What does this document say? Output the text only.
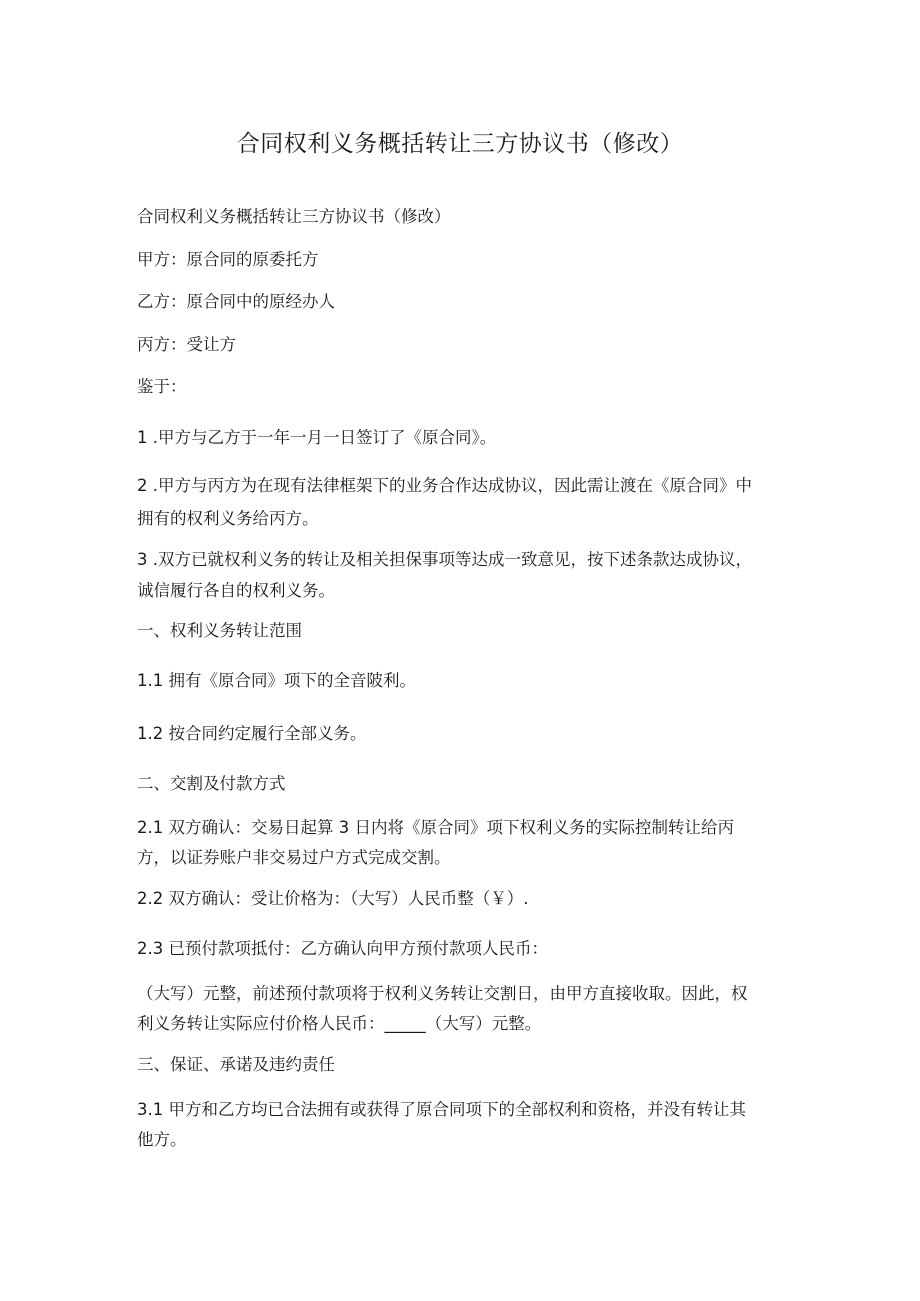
合同权利义务概括转让三方协议书（修改）

合同权利义务概括转让三方协议书（修改）

甲方：原合同的原委托方

乙方：原合同中的原经办人

丙方：受让方

鉴于：

1 .甲方与乙方于一年一月一日签订了《原合同》。

2 .甲方与丙方为在现有法律框架下的业务合作达成协议，因此需让渡在《原合同》中

拥有的权利义务给丙方。

3 .双方已就权利义务的转让及相关担保事项等达成一致意见，按下述条款达成协议，

诚信履行各自的权利义务。

一、权利义务转让范围

1.1 拥有《原合同》项下的全音陂利。

1.2 按合同约定履行全部义务。

二、交割及付款方式

2.1 双方确认：交易日起算 3 日内将《原合同》项下权利义务的实际控制转让给丙

方，以证券账户非交易过户方式完成交割。

2.2 双方确认：受让价格为：（大写）人民币整（￥）.

2.3 已预付款项抵付：乙方确认向甲方预付款项人民币：

（大写）元整，前述预付款项将于权利义务转让交割日，由甲方直接收取。因此，权

利义务转让实际应付价格人民币：_____（大写）元整。

三、保证、承诺及违约责任

3.1 甲方和乙方均已合法拥有或获得了原合同项下的全部权利和资格，并没有转让其

他方。
